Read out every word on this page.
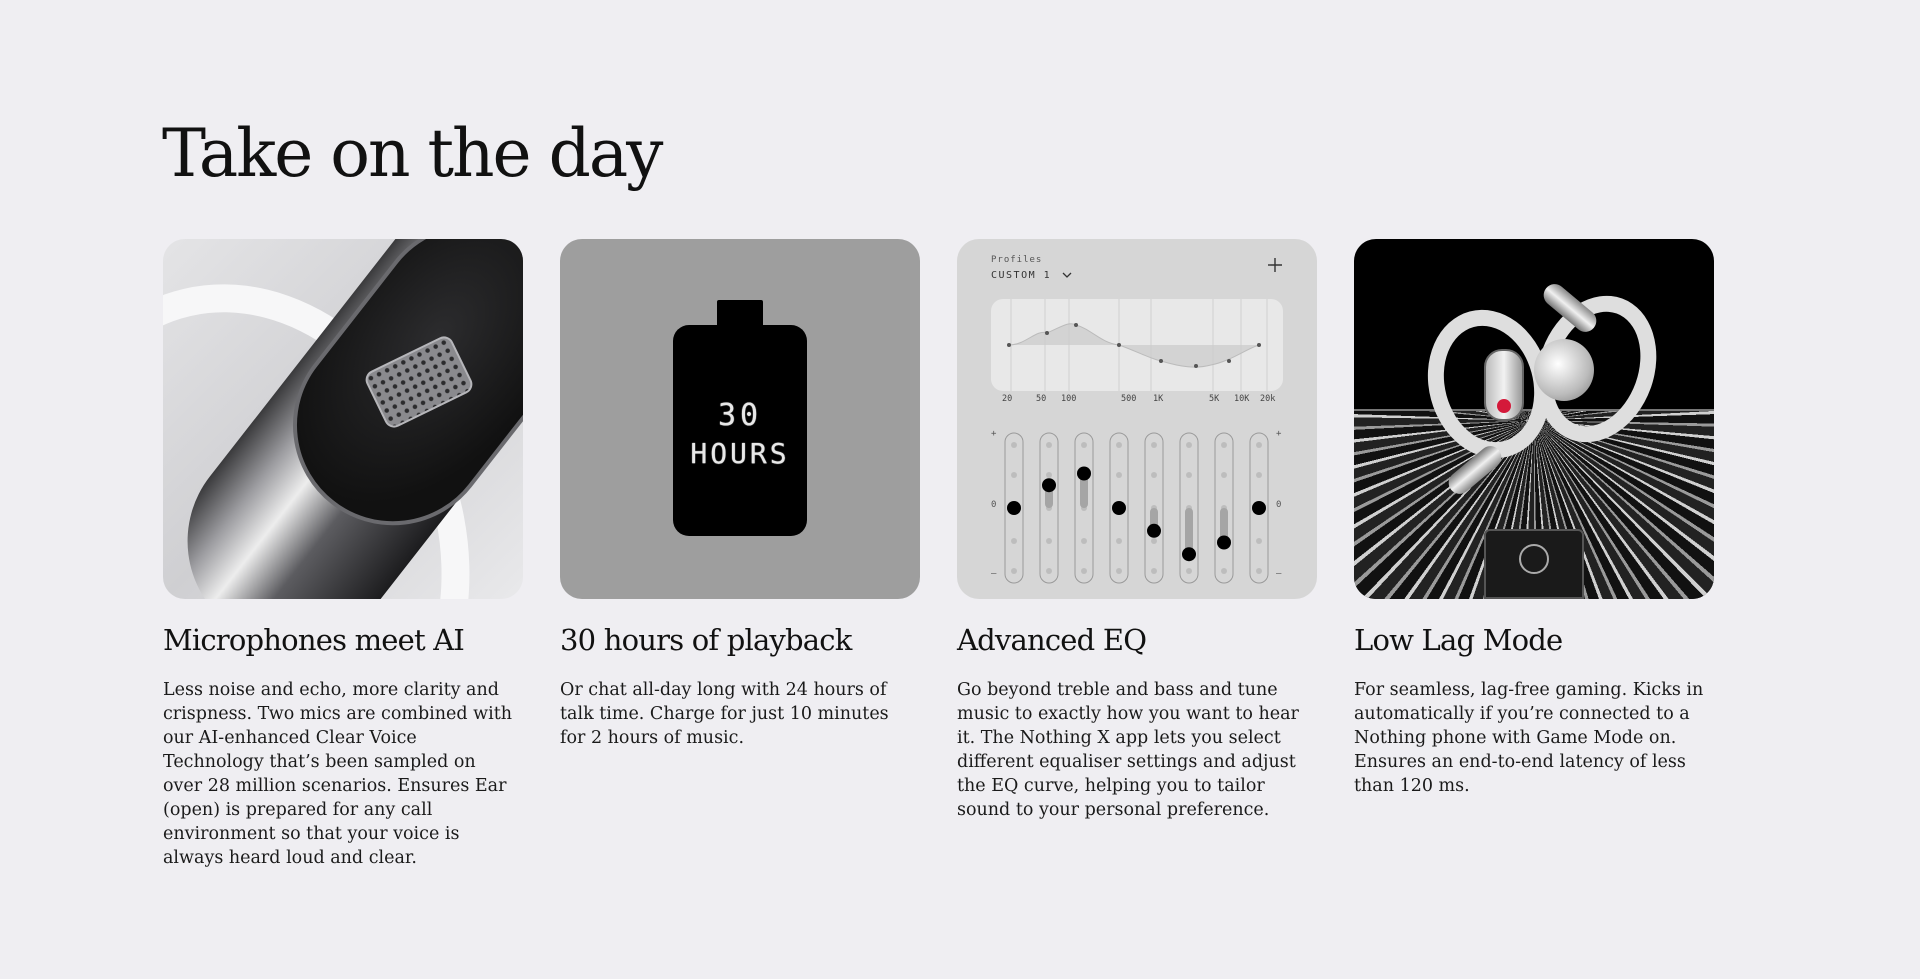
Take on the day
Microphones meet AI

Less noise and echo, more clarity and crispness. Two mics are combined with our AI-enhanced Clear Voice Technology that’s been sampled on over 28 million scenarios. Ensures Ear (open) is prepared for any call environment so that your voice is always heard loud and clear.

30
HOURS
30 hours of playback

Or chat all-day long with 24 hours of talk time. Charge for just 10 minutes for 2 hours of music.

Profiles
CUSTOM 1
20	50 100	500 1K	5K 10K 20k
+
0
–
+
0
–
Advanced EQ

Go beyond treble and bass and tune music to exactly how you want to hear it. The Nothing X app lets you select different equaliser settings and adjust the EQ curve, helping you to tailor sound to your personal preference.

Low Lag Mode

For seamless, lag-free gaming. Kicks in automatically if you’re connected to a Nothing phone with Game Mode on. Ensures an end-to-end latency of less than 120 ms.
